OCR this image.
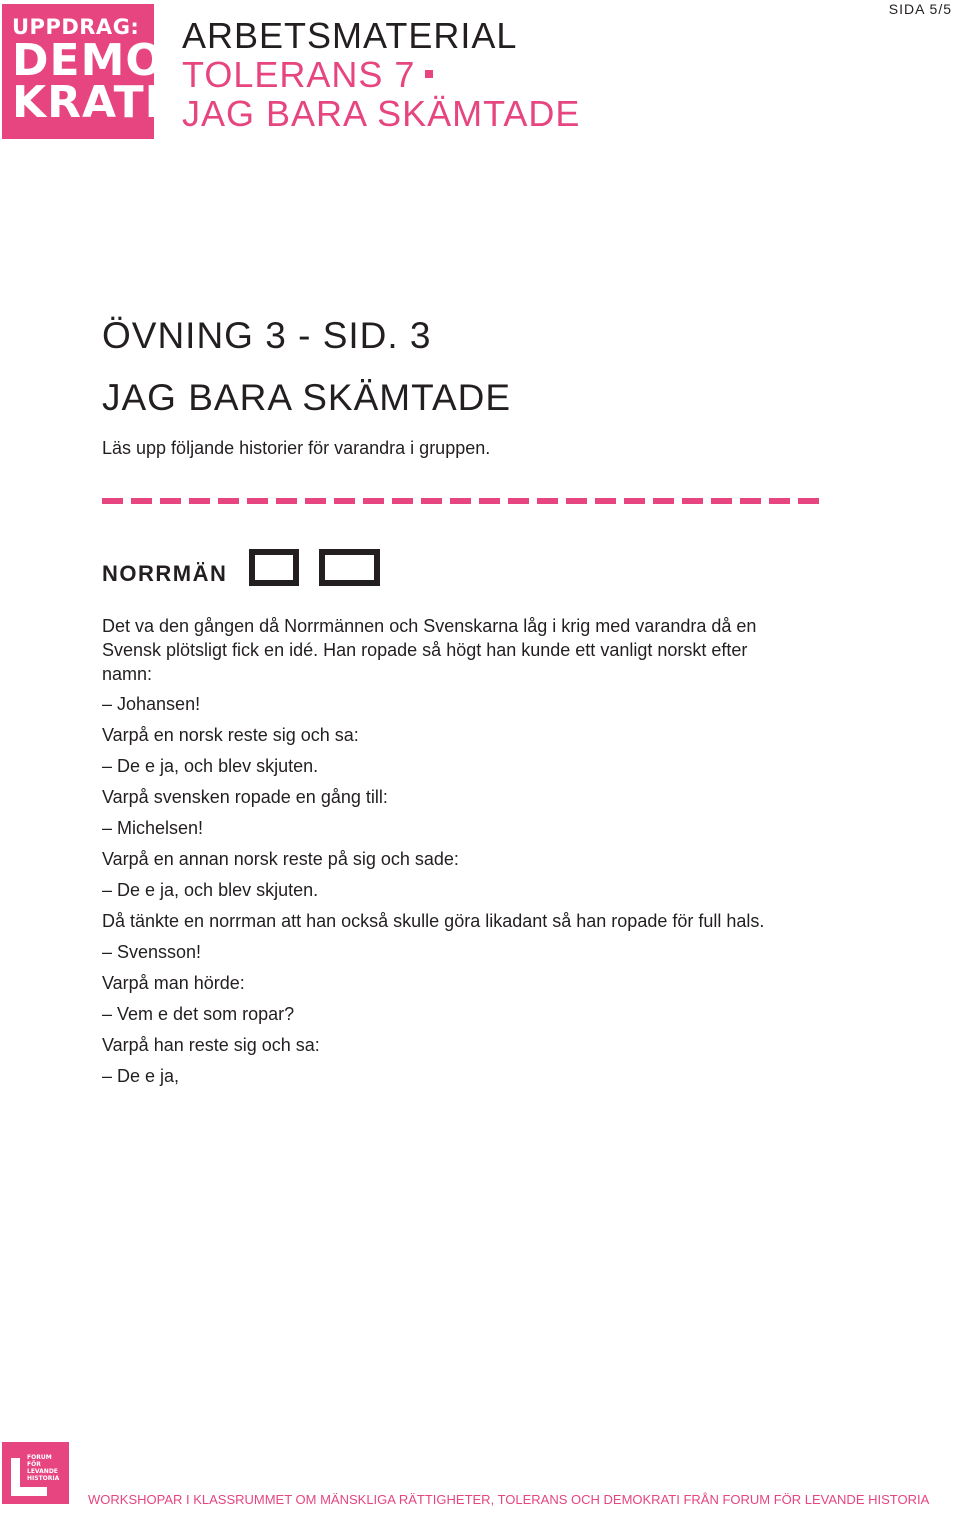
UPPDRAG:
DEMO
KRATI
ARBETSMATERIAL
TOLERANS 7
JAG BARA SKÄMTADE
SIDA 5/5
ÖVNING 3 - SID. 3
JAG BARA SKÄMTADE
Läs upp följande historier för varandra i gruppen.
NORRMÄN

Det va den gången då Norrmännen och Svenskarna låg i krig med varandra då en Svensk plötsligt fick en idé. Han ropade så högt han kunde ett vanligt norskt efter namn:

– Johansen!

Varpå en norsk reste sig och sa:

– De e ja, och blev skjuten.

Varpå svensken ropade en gång till:

– Michelsen!

Varpå en annan norsk reste på sig och sade:

– De e ja, och blev skjuten.

Då tänkte en norrman att han också skulle göra likadant så han ropade för full hals.

– Svensson!

Varpå man hörde:

– Vem e det som ropar?

Varpå han reste sig och sa:

– De e ja,

FORUM
FÖR
LEVANDE
HISTORIA
WORKSHOPAR I KLASSRUMMET OM MÄNSKLIGA RÄTTIGHETER, TOLERANS OCH DEMOKRATI FRÅN FORUM FÖR LEVANDE HISTORIA
